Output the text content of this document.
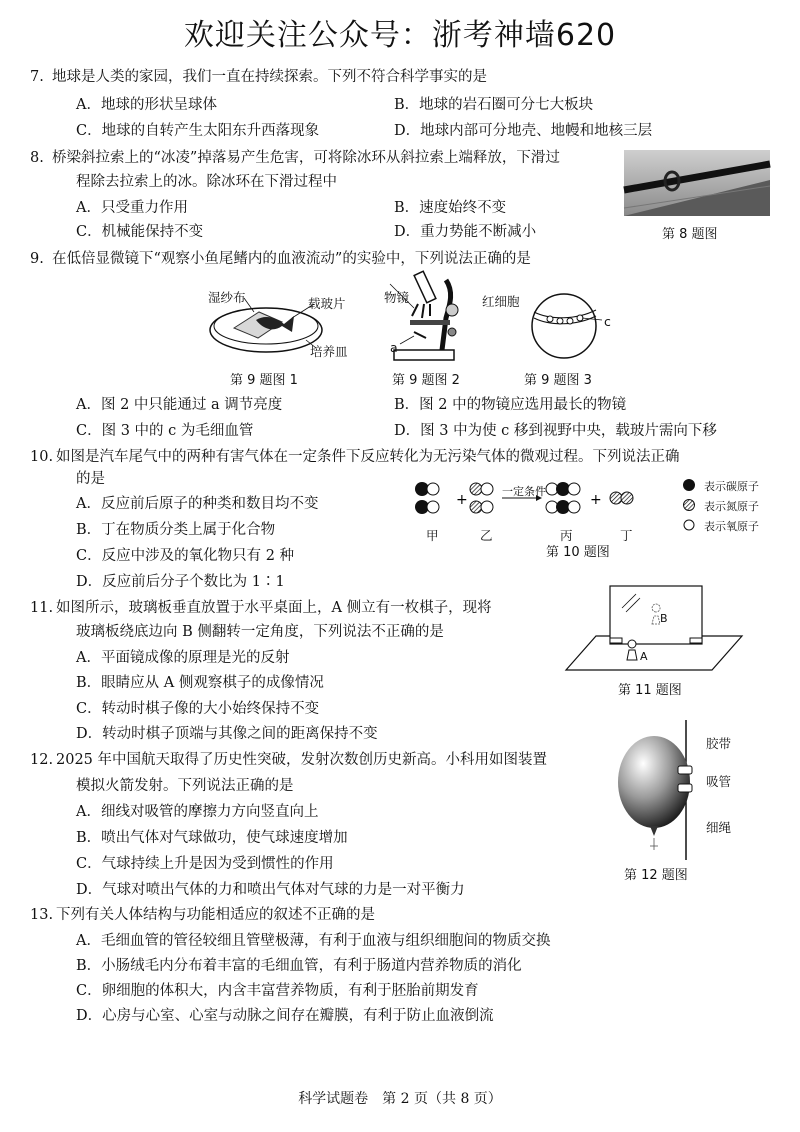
欢迎关注公众号：浙考神墙620
7. 地球是人类的家园，我们一直在持续探索。下列不符合科学事实的是
A．地球的形状呈球体	B．地球的岩石圈可分七大板块
C．地球的自转产生太阳东升西落现象	D．地球内部可分地壳、地幔和地核三层
8. 桥梁斜拉索上的“冰凌”掉落易产生危害，可将除冰环从斜拉索上端释放，下滑过
程除去拉索上的冰。除冰环在下滑过程中
A．只受重力作用	B．速度始终不变
C．机械能保持不变	D．重力势能不断减小	第 8 题图
9. 在低倍显微镜下“观察小鱼尾鳍内的血液流动”的实验中，下列说法正确的是
湿纱布	载玻片
培养皿
第 9 题图 1
物镜
a
第 9 题图 2
红细胞
c
第 9 题图 3
A．图 2 中只能通过 a 调节亮度	B．图 2 中的物镜应选用最长的物镜
C．图 3 中的 c 为毛细血管	D．图 3 中为使 c 移到视野中央，载玻片需向下移
10. 如图是汽车尾气中的两种有害气体在一定条件下反应转化为无污染气体的微观过程。下列说法正确
的是
A．反应前后原子的种类和数目均不变
B．丁在物质分类上属于化合物
C．反应中涉及的氧化物只有 2 种
D．反应前后分子个数比为 1∶1
+	+
一定条件
甲	乙	丙	丁
表示碳原子
表示氮原子
表示氧原子
第 10 题图
11. 如图所示，玻璃板垂直放置于水平桌面上，A 侧立有一枚棋子，现将
玻璃板绕底边向 B 侧翻转一定角度，下列说法不正确的是
A．平面镜成像的原理是光的反射
B．眼睛应从 A 侧观察棋子的成像情况
C．转动时棋子像的大小始终保持不变
D．转动时棋子顶端与其像之间的距离保持不变
B
A
第 11 题图
12. 2025 年中国航天取得了历史性突破，发射次数创历史新高。小科用如图装置
模拟火箭发射。下列说法正确的是
A．细线对吸管的摩擦力方向竖直向上
B．喷出气体对气球做功，使气球速度增加
C．气球持续上升是因为受到惯性的作用
D．气球对喷出气体的力和喷出气体对气球的力是一对平衡力
胶带
吸管
细绳
第 12 题图
13. 下列有关人体结构与功能相适应的叙述不正确的是
A．毛细血管的管径较细且管壁极薄，有利于血液与组织细胞间的物质交换
B．小肠绒毛内分布着丰富的毛细血管，有利于肠道内营养物质的消化
C．卵细胞的体积大，内含丰富营养物质，有利于胚胎前期发育
D．心房与心室、心室与动脉之间存在瓣膜，有利于防止血液倒流
科学试题卷　第 2 页（共 8 页）
